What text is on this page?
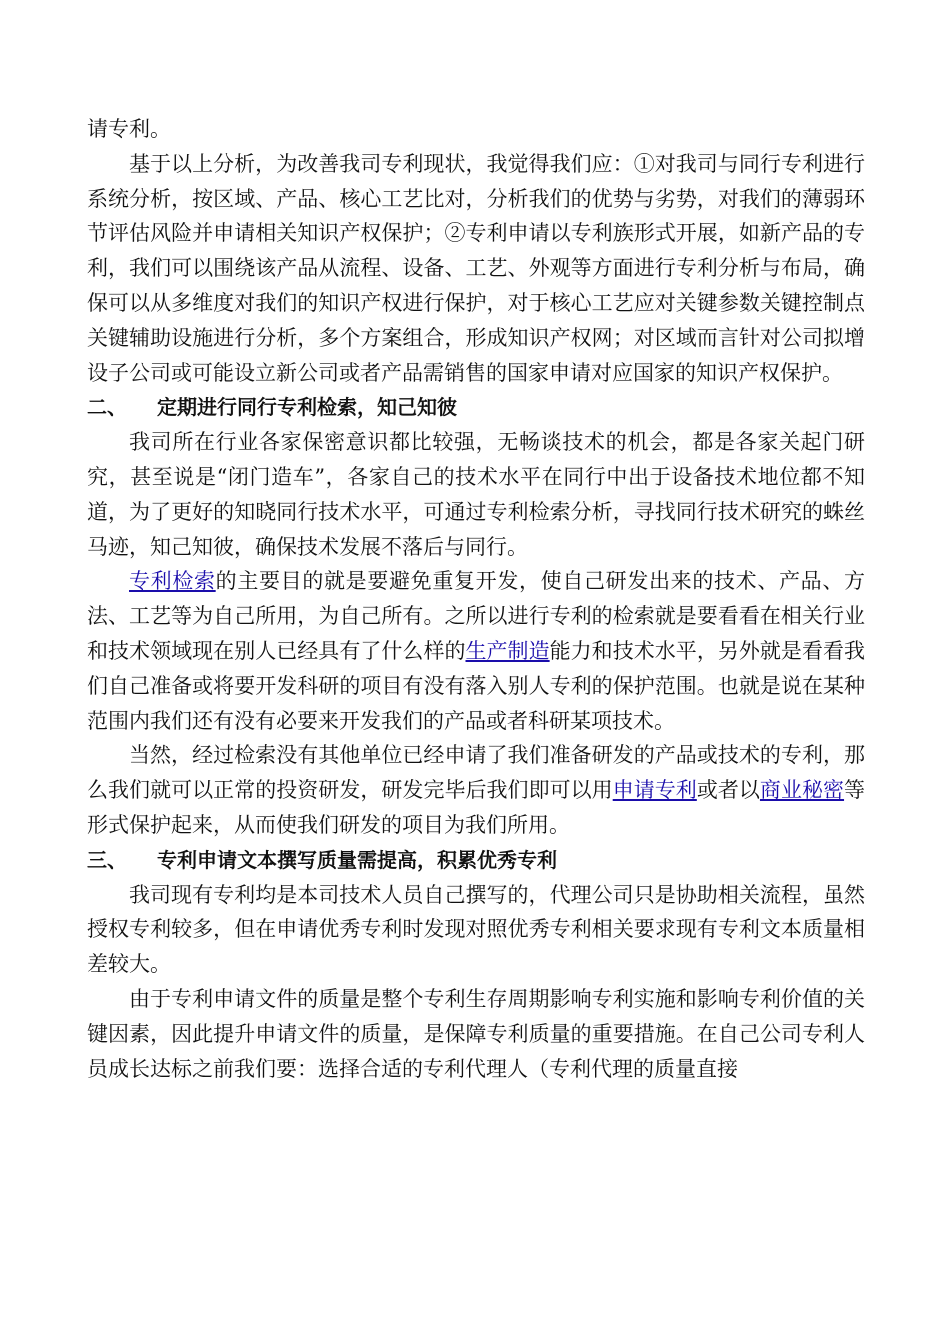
请专利。

基于以上分析，为改善我司专利现状，我觉得我们应：①对我司与同行专利进行系统分析，按区域、产品、核心工艺比对，分析我们的优势与劣势，对我们的薄弱环节评估风险并申请相关知识产权保护；②专利申请以专利族形式开展，如新产品的专利，我们可以围绕该产品从流程、设备、工艺、外观等方面进行专利分析与布局，确保可以从多维度对我们的知识产权进行保护，对于核心工艺应对关键参数关键控制点关键辅助设施进行分析，多个方案组合，形成知识产权网；对区域而言针对公司拟增设子公司或可能设立新公司或者产品需销售的国家申请对应国家的知识产权保护。

二、	定期进行同行专利检索，知己知彼

我司所在行业各家保密意识都比较强，无畅谈技术的机会，都是各家关起门研究，甚至说是“闭门造车”，各家自己的技术水平在同行中出于设备技术地位都不知道，为了更好的知晓同行技术水平，可通过专利检索分析，寻找同行技术研究的蛛丝马迹，知己知彼，确保技术发展不落后与同行。

专利检索的主要目的就是要避免重复开发，使自己研发出来的技术、产品、方法、工艺等为自己所用，为自己所有。之所以进行专利的检索就是要看看在相关行业和技术领域现在别人已经具有了什么样的生产制造能力和技术水平，另外就是看看我们自己准备或将要开发科研的项目有没有落入别人专利的保护范围。也就是说在某种范围内我们还有没有必要来开发我们的产品或者科研某项技术。

当然，经过检索没有其他单位已经申请了我们准备研发的产品或技术的专利，那么我们就可以正常的投资研发，研发完毕后我们即可以用申请专利或者以商业秘密等形式保护起来，从而使我们研发的项目为我们所用。

三、	专利申请文本撰写质量需提高，积累优秀专利

我司现有专利均是本司技术人员自己撰写的，代理公司只是协助相关流程，虽然授权专利较多，但在申请优秀专利时发现对照优秀专利相关要求现有专利文本质量相差较大。

由于专利申请文件的质量是整个专利生存周期影响专利实施和影响专利价值的关键因素，因此提升申请文件的质量，是保障专利质量的重要措施。在自己公司专利人员成长达标之前我们要：选择合适的专利代理人（专利代理的质量直接
